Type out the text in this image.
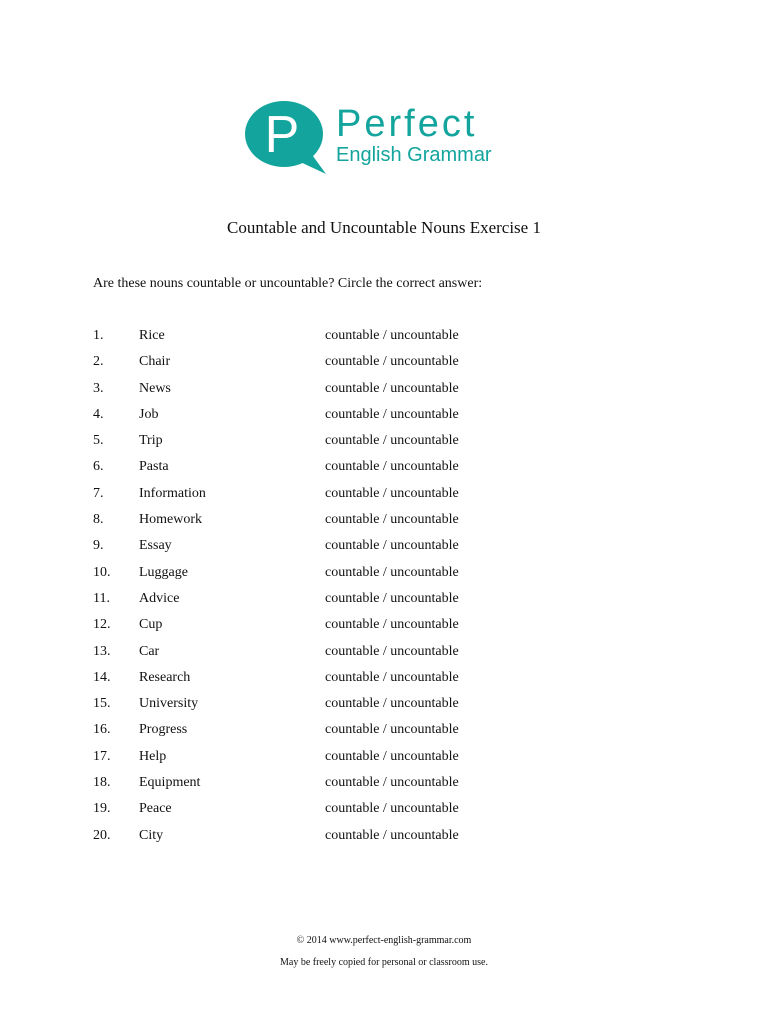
P Perfect
English Grammar
Countable and Uncountable Nouns Exercise 1
Are these nouns countable or uncountable? Circle the correct answer:
1.	Rice	countable / uncountable
2.	Chair	countable / uncountable
3.	News	countable / uncountable
4.	Job	countable / uncountable
5.	Trip	countable / uncountable
6.	Pasta	countable / uncountable
7.	Information	countable / uncountable
8.	Homework	countable / uncountable
9.	Essay	countable / uncountable
10. Luggage	countable / uncountable
11. Advice	countable / uncountable
12. Cup	countable / uncountable
13. Car	countable / uncountable
14. Research	countable / uncountable
15. University	countable / uncountable
16. Progress	countable / uncountable
17. Help	countable / uncountable
18. Equipment	countable / uncountable
19. Peace	countable / uncountable
20. City	countable / uncountable
© 2014 www.perfect-english-grammar.com
May be freely copied for personal or classroom use.
